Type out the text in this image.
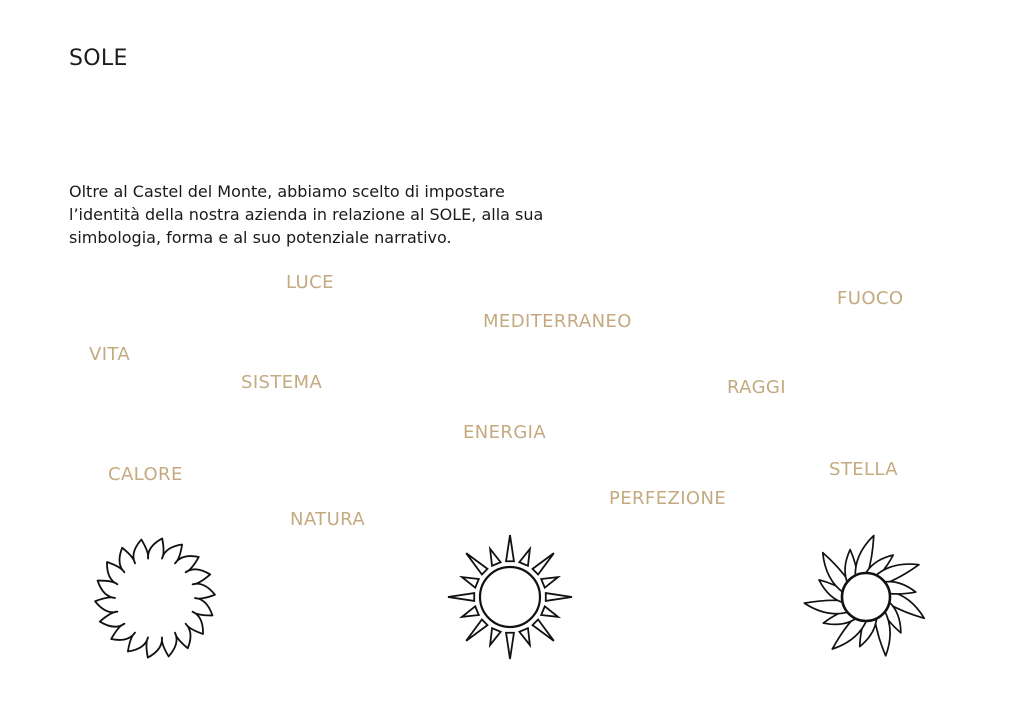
SOLE

Oltre al Castel del Monte, abbiamo scelto di impostare
l’identità della nostra azienda in relazione al SOLE, alla sua
simbologia, forma e al suo potenziale narrativo.

LUCE
FUOCO
MEDITERRANEO
VITA
SISTEMA	RAGGI
ENERGIA
CALORE	STELLA
PERFEZIONE
NATURA
